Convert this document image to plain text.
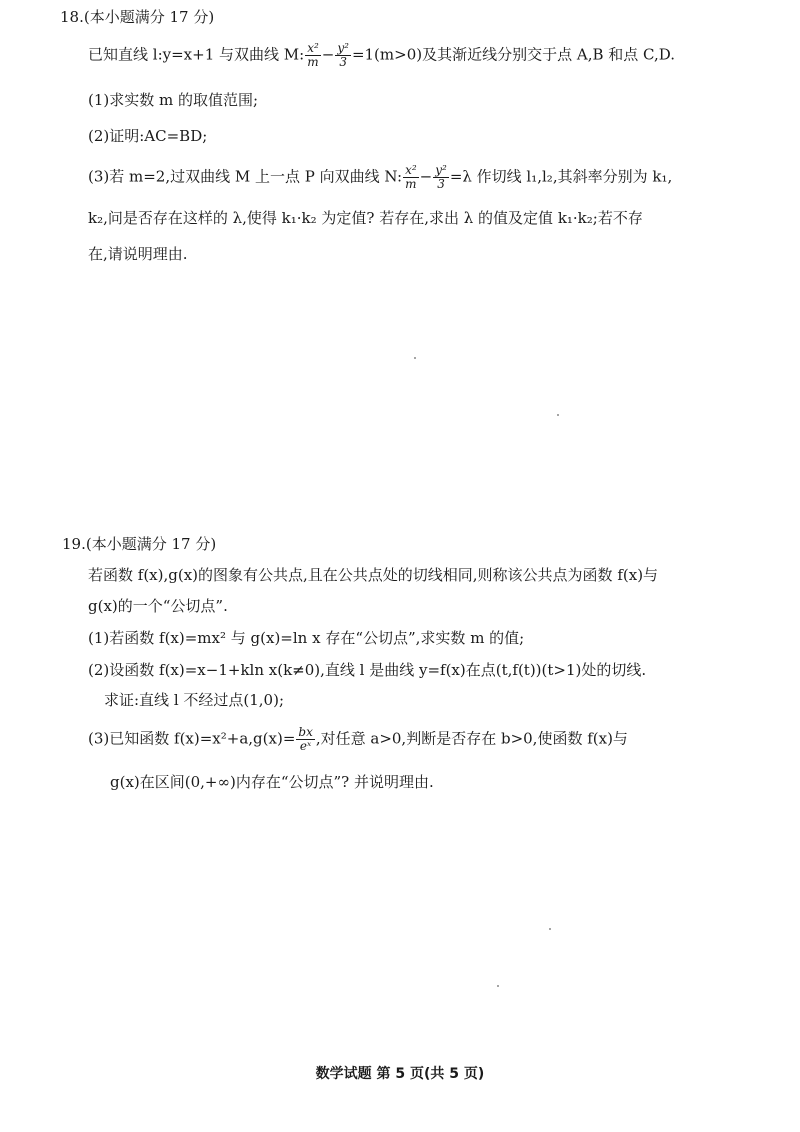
18.(本小题满分 17 分)
已知直线 l:y=x+1 与双曲线 M: $\frac{\text{x²}}{m} - \frac{\text{y²}}{3} =1(m>0)$及其渐近线分别交于点 A,B 和点 C,D.
(1)求实数 m 的取值范围;
(2)证明:AC=BD;
(3)若 m=2,过双曲线 M 上一点 P 向双曲线 N: $\frac{\text{x²}}{m} - \frac{\text{y²}}{3} =\lambda$ 作切线 l₁,l₂,其斜率分别为 k₁,
k₂,问是否存在这样的 λ,使得 k₁·k₂ 为定值? 若存在,求出 λ 的值及定值 k₁·k₂;若不存
在,请说明理由.
19.(本小题满分 17 分)
若函数 f(x),g(x)的图象有公共点,且在公共点处的切线相同,则称该公共点为函数 f(x)与
g(x)的一个“公切点”.
(1)若函数 f(x)=mx² 与 g(x)=ln x 存在“公切点”,求实数 m 的值;
(2)设函数 f(x)=x−1+kln x(k≠0),直线 l 是曲线 y=f(x)在点(t,f(t))(t>1)处的切线.
求证:直线 l 不经过点(1,0);
(3)已知函数 $f(x)=x^2+a,g(x)= \frac{bx}{\text{eˣ}}$ ,对任意 a>0,判断是否存在 b>0,使函数 f(x)与
g(x)在区间(0,+∞)内存在“公切点”? 并说明理由.
数学试题 第 5 页(共 5 页)
